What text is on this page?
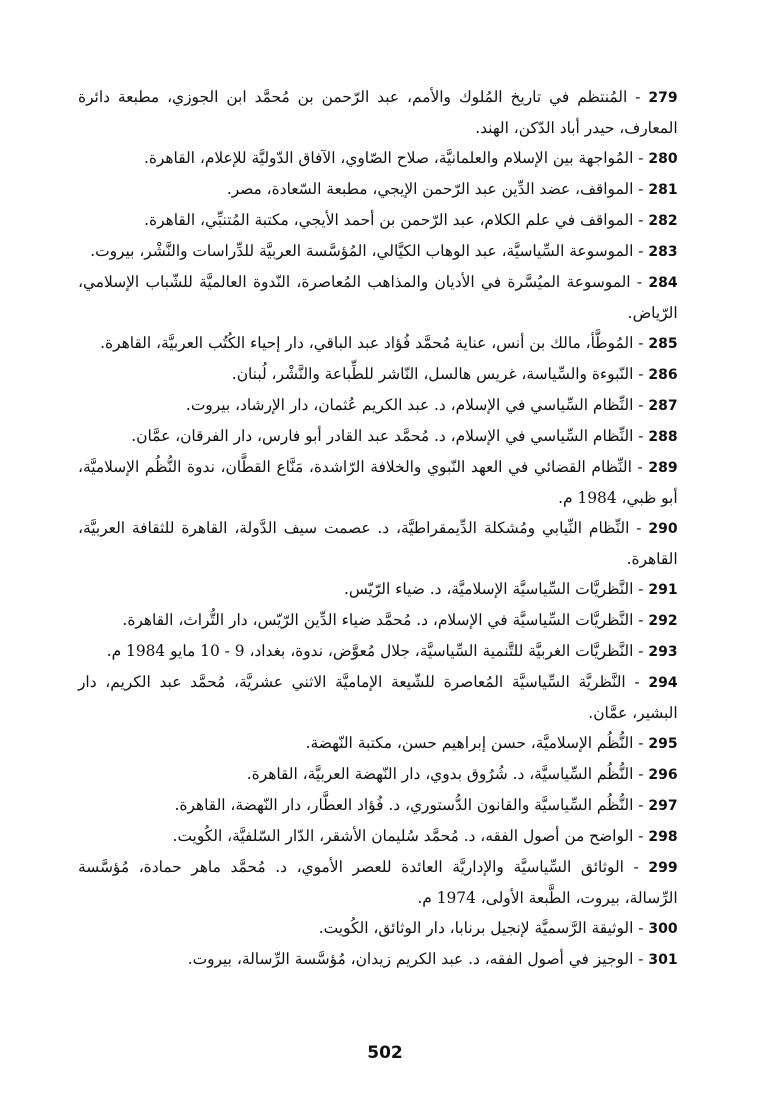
279 - المُنتظم في تاريخ المُلوك والأمم، عبد الرّحمن بن مُحمَّد ابن الجوزي، مطبعة دائرة المعارف، حيدر أباد الدّكن، الهند.

280 - المُواجهة بين الإسلام والعلمانيَّة، صلاح الصّاوي، الآفاق الدّوليَّة للإعلام، القاهرة.

281 - المواقف، عضد الدِّين عبد الرّحمن الإيجي، مطبعة السّعادة، مصر.

282 - المواقف في علم الكلام، عبد الرّحمن بن أحمد الأيجي، مكتبة المُتنبِّي، القاهرة.

283 - الموسوعة السِّياسيَّة، عبد الوهاب الكيَّالي، المُؤسَّسة العربيَّة للدِّراسات والنَّشْر، بيروت.

284 - الموسوعة الميُسَّرة في الأديان والمذاهب المُعاصرة، النّدوة العالميَّة للشّباب الإسلامي، الرّياض.

285 - المُوطَّأ، مالك بن أنس، عناية مُحمَّد فُؤاد عبد الباقي، دار إحياء الكُتُب العربيَّة، القاهرة.

286 - النّبوءة والسِّياسة، غريس هالسل، النّاشر للطِّباعة والنَّشْر، لُبنان.

287 - النِّظام السِّياسي في الإسلام، د. عبد الكريم عُثمان، دار الإرشاد، بيروت.

288 - النِّظام السِّياسي في الإسلام، د. مُحمَّد عبد القادر أبو فارس، دار الفرقان، عمَّان.

289 - النِّظام القضائي في العهد النّبوي والخلافة الرّاشدة، مَنَّاع القطَّان، ندوة النُّظُم الإسلاميَّة، أبو ظبي، 1984 م.

290 - النِّظام النِّيابي ومُشكلة الدِّيمقراطيَّة، د. عصمت سيف الدَّولة، القاهرة للثقافة العربيَّة، القاهرة.

291 - النَّظريَّات السِّياسيَّة الإسلاميَّة، د. ضياء الرّيّس.

292 - النَّظريَّات السِّياسيَّة في الإسلام، د. مُحمَّد ضياء الدِّين الرّيّس، دار التُّراث، القاهرة.

293 - النَّظريَّات الغربيَّة للتَّنمية السِّياسيَّة، جلال مُعوَّض، ندوة، بغداد، 9 - 10 مايو 1984 م.

294 - النَّظريَّة السِّياسيَّة المُعاصرة للشّيعة الإماميَّة الاثني عشريَّة، مُحمَّد عبد الكريم، دار البشير، عمَّان.

295 - النُّظُم الإسلاميَّة، حسن إبراهيم حسن، مكتبة النّهضة.

296 - النُّظُم السِّياسيَّة، د. شُرُوق بدوي، دار النّهضة العربيَّة، القاهرة.

297 - النُّظُم السِّياسيَّة والقانون الدُّستوري، د. فُؤاد العطَّار، دار النّهضة، القاهرة.

298 - الواضح من أصول الفقه، د. مُحمَّد سُليمان الأشقر، الدّار السّلفيَّة، الكُويت.

299 - الوثائق السِّياسيَّة والإداريَّة العائدة للعصر الأموي، د. مُحمَّد ماهر حمادة، مُؤسَّسة الرِّسالة، بيروت، الطَّبعة الأولى، 1974 م.

300 - الوثيقة الرَّسميَّة لإنجيل برنابا، دار الوثائق، الكُويت.

301 - الوجيز في أصول الفقه، د. عبد الكريم زيدان، مُؤسَّسة الرِّسالة، بيروت.

502
